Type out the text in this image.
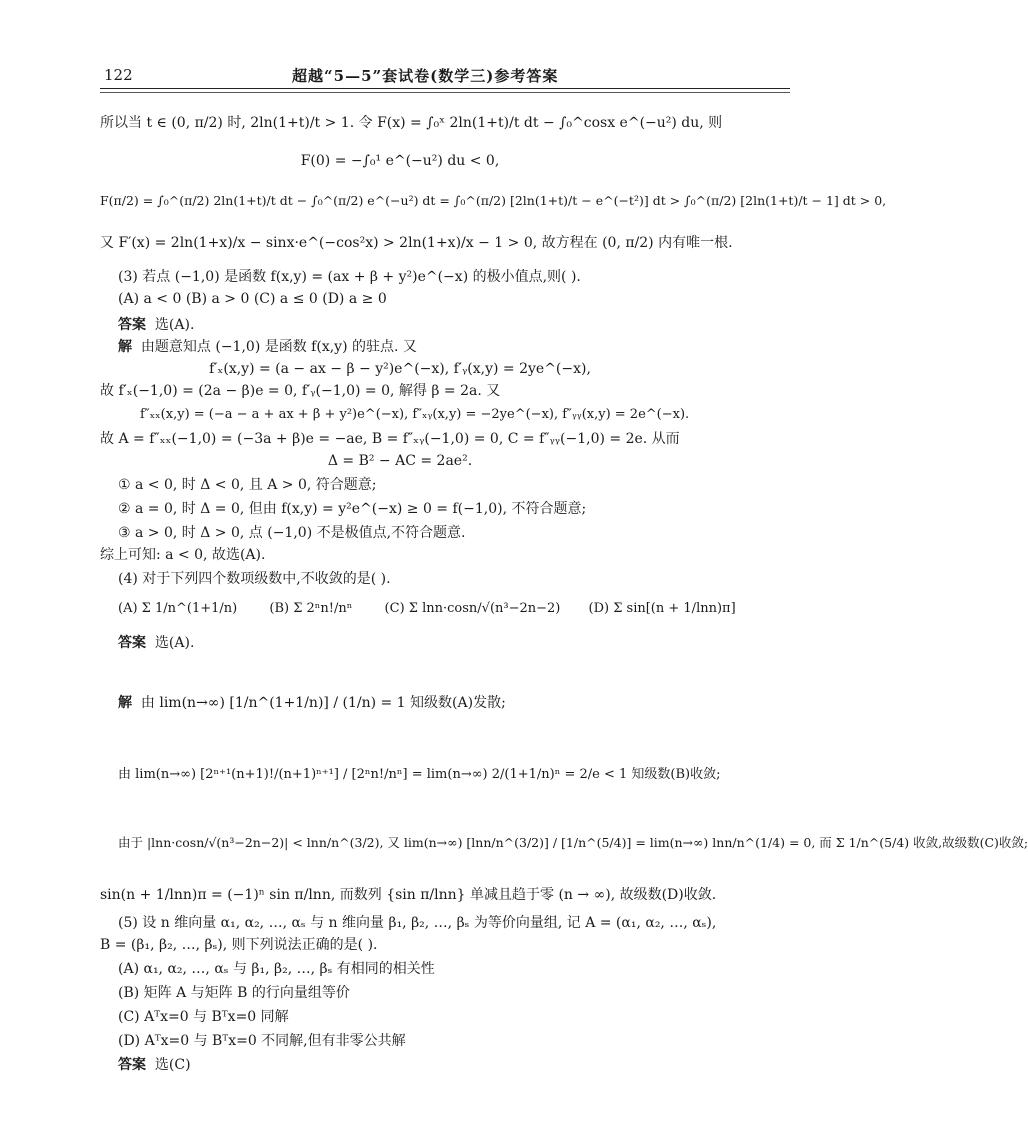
122	超越“5—5”套试卷(数学三)参考答案
所以当 t ∈ (0, π/2) 时, 2ln(1+t)/t > 1. 令 F(x) = ∫₀ˣ 2ln(1+t)/t dt − ∫₀^cosx e^(−u²) du, 则
F(0) = −∫₀¹ e^(−u²) du < 0,
F(π/2) = ∫₀^(π/2) 2ln(1+t)/t dt − ∫₀^(π/2) e^(−u²) dt = ∫₀^(π/2) [2ln(1+t)/t − e^(−t²)] dt > ∫₀^(π/2) [2ln(1+t)/t − 1] dt > 0,
又 F′(x) = 2ln(1+x)/x − sinx·e^(−cos²x) > 2ln(1+x)/x − 1 > 0, 故方程在 (0, π/2) 内有唯一根.
(3) 若点 (−1,0) 是函数 f(x,y) = (ax + β + y²)e^(−x) 的极小值点,则( ).
(A) a < 0 (B) a > 0 (C) a ≤ 0 (D) a ≥ 0
答案 选(A).
解 由题意知点 (−1,0) 是函数 f(x,y) 的驻点. 又
f′ₓ(x,y) = (a − ax − β − y²)e^(−x), f′ᵧ(x,y) = 2ye^(−x),
故 f′ₓ(−1,0) = (2a − β)e = 0, f′ᵧ(−1,0) = 0, 解得 β = 2a. 又
f″ₓₓ(x,y) = (−a − a + ax + β + y²)e^(−x), f″ₓᵧ(x,y) = −2ye^(−x), f″ᵧᵧ(x,y) = 2e^(−x).
故 A = f″ₓₓ(−1,0) = (−3a + β)e = −ae, B = f″ₓᵧ(−1,0) = 0, C = f″ᵧᵧ(−1,0) = 2e. 从而
Δ = B² − AC = 2ae².
① a < 0, 时 Δ < 0, 且 A > 0, 符合题意;
② a = 0, 时 Δ = 0, 但由 f(x,y) = y²e^(−x) ≥ 0 = f(−1,0), 不符合题意;
③ a > 0, 时 Δ > 0, 点 (−1,0) 不是极值点,不符合题意.
综上可知: a < 0, 故选(A).
(4) 对于下列四个数项级数中,不收敛的是( ).
(A) Σ 1/n^(1+1/n) (B) Σ 2ⁿn!/nⁿ (C) Σ lnn·cosn/√(n³−2n−2) (D) Σ sin[(n + 1/lnn)π]
答案 选(A).
解 由 lim(n→∞) [1/n^(1+1/n)] / (1/n) = 1 知级数(A)发散;
由 lim(n→∞) [2ⁿ⁺¹(n+1)!/(n+1)ⁿ⁺¹] / [2ⁿn!/nⁿ] = lim(n→∞) 2/(1+1/n)ⁿ = 2/e < 1 知级数(B)收敛;
由于 |lnn·cosn/√(n³−2n−2)| < lnn/n^(3/2), 又 lim(n→∞) [lnn/n^(3/2)] / [1/n^(5/4)] = lim(n→∞) lnn/n^(1/4) = 0, 而 Σ 1/n^(5/4) 收敛,故级数(C)收敛;
sin(n + 1/lnn)π = (−1)ⁿ sin π/lnn, 而数列 {sin π/lnn} 单减且趋于零 (n → ∞), 故级数(D)收敛.
(5) 设 n 维向量 α₁, α₂, …, αₛ 与 n 维向量 β₁, β₂, …, βₛ 为等价向量组, 记 A = (α₁, α₂, …, αₛ),
B = (β₁, β₂, …, βₛ), 则下列说法正确的是( ).
(A) α₁, α₂, …, αₛ 与 β₁, β₂, …, βₛ 有相同的相关性
(B) 矩阵 A 与矩阵 B 的行向量组等价
(C) Aᵀx=0 与 Bᵀx=0 同解
(D) Aᵀx=0 与 Bᵀx=0 不同解,但有非零公共解
答案 选(C)
